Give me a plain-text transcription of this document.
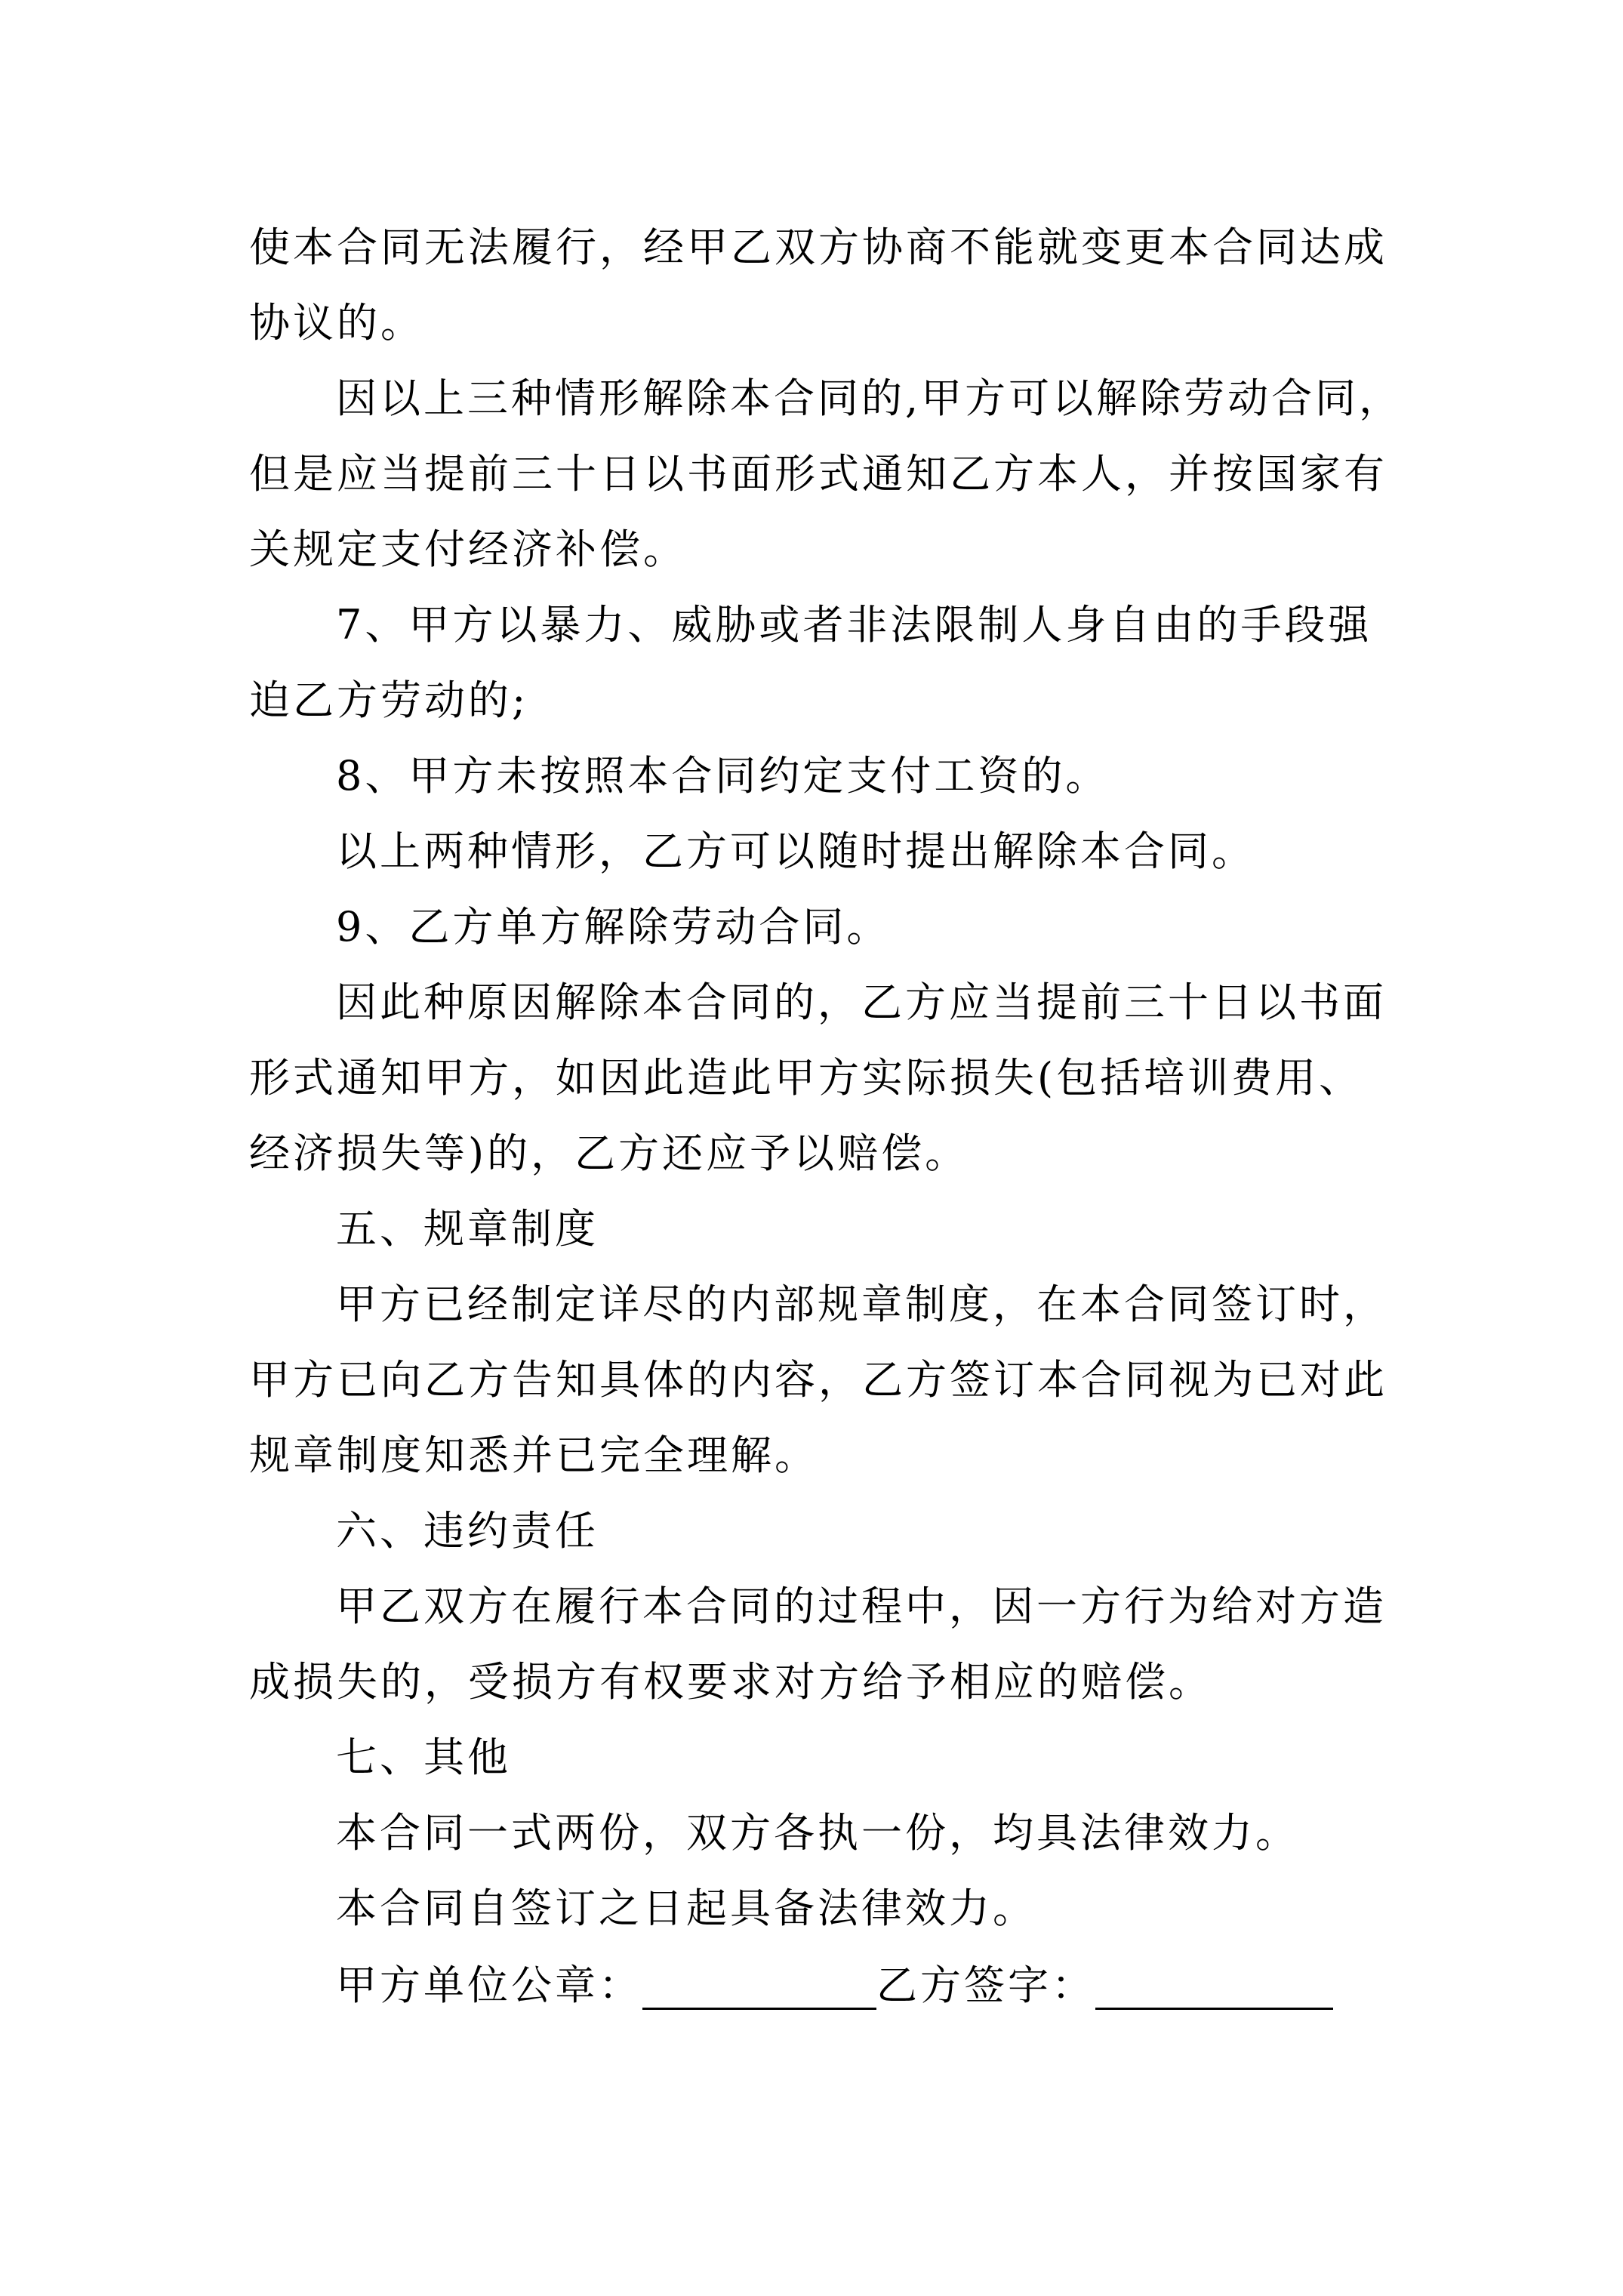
使本合同无法履行，经甲乙双方协商不能就变更本合同达成
协议的。
因以上三种情形解除本合同的,甲方可以解除劳动合同，
但是应当提前三十日以书面形式通知乙方本人，并按国家有
关规定支付经济补偿。
7、甲方以暴力、威胁或者非法限制人身自由的手段强
迫乙方劳动的;
8、甲方未按照本合同约定支付工资的。
以上两种情形，乙方可以随时提出解除本合同。
9、乙方单方解除劳动合同。
因此种原因解除本合同的，乙方应当提前三十日以书面
形式通知甲方，如因此造此甲方实际损失(包括培训费用、
经济损失等)的，乙方还应予以赔偿。
五、规章制度
甲方已经制定详尽的内部规章制度，在本合同签订时，
甲方已向乙方告知具体的内容，乙方签订本合同视为已对此
规章制度知悉并已完全理解。
六、违约责任
甲乙双方在履行本合同的过程中，因一方行为给对方造
成损失的，受损方有权要求对方给予相应的赔偿。
七、其他
本合同一式两份，双方各执一份，均具法律效力。
本合同自签订之日起具备法律效力。
甲方单位公章：	乙方签字：
